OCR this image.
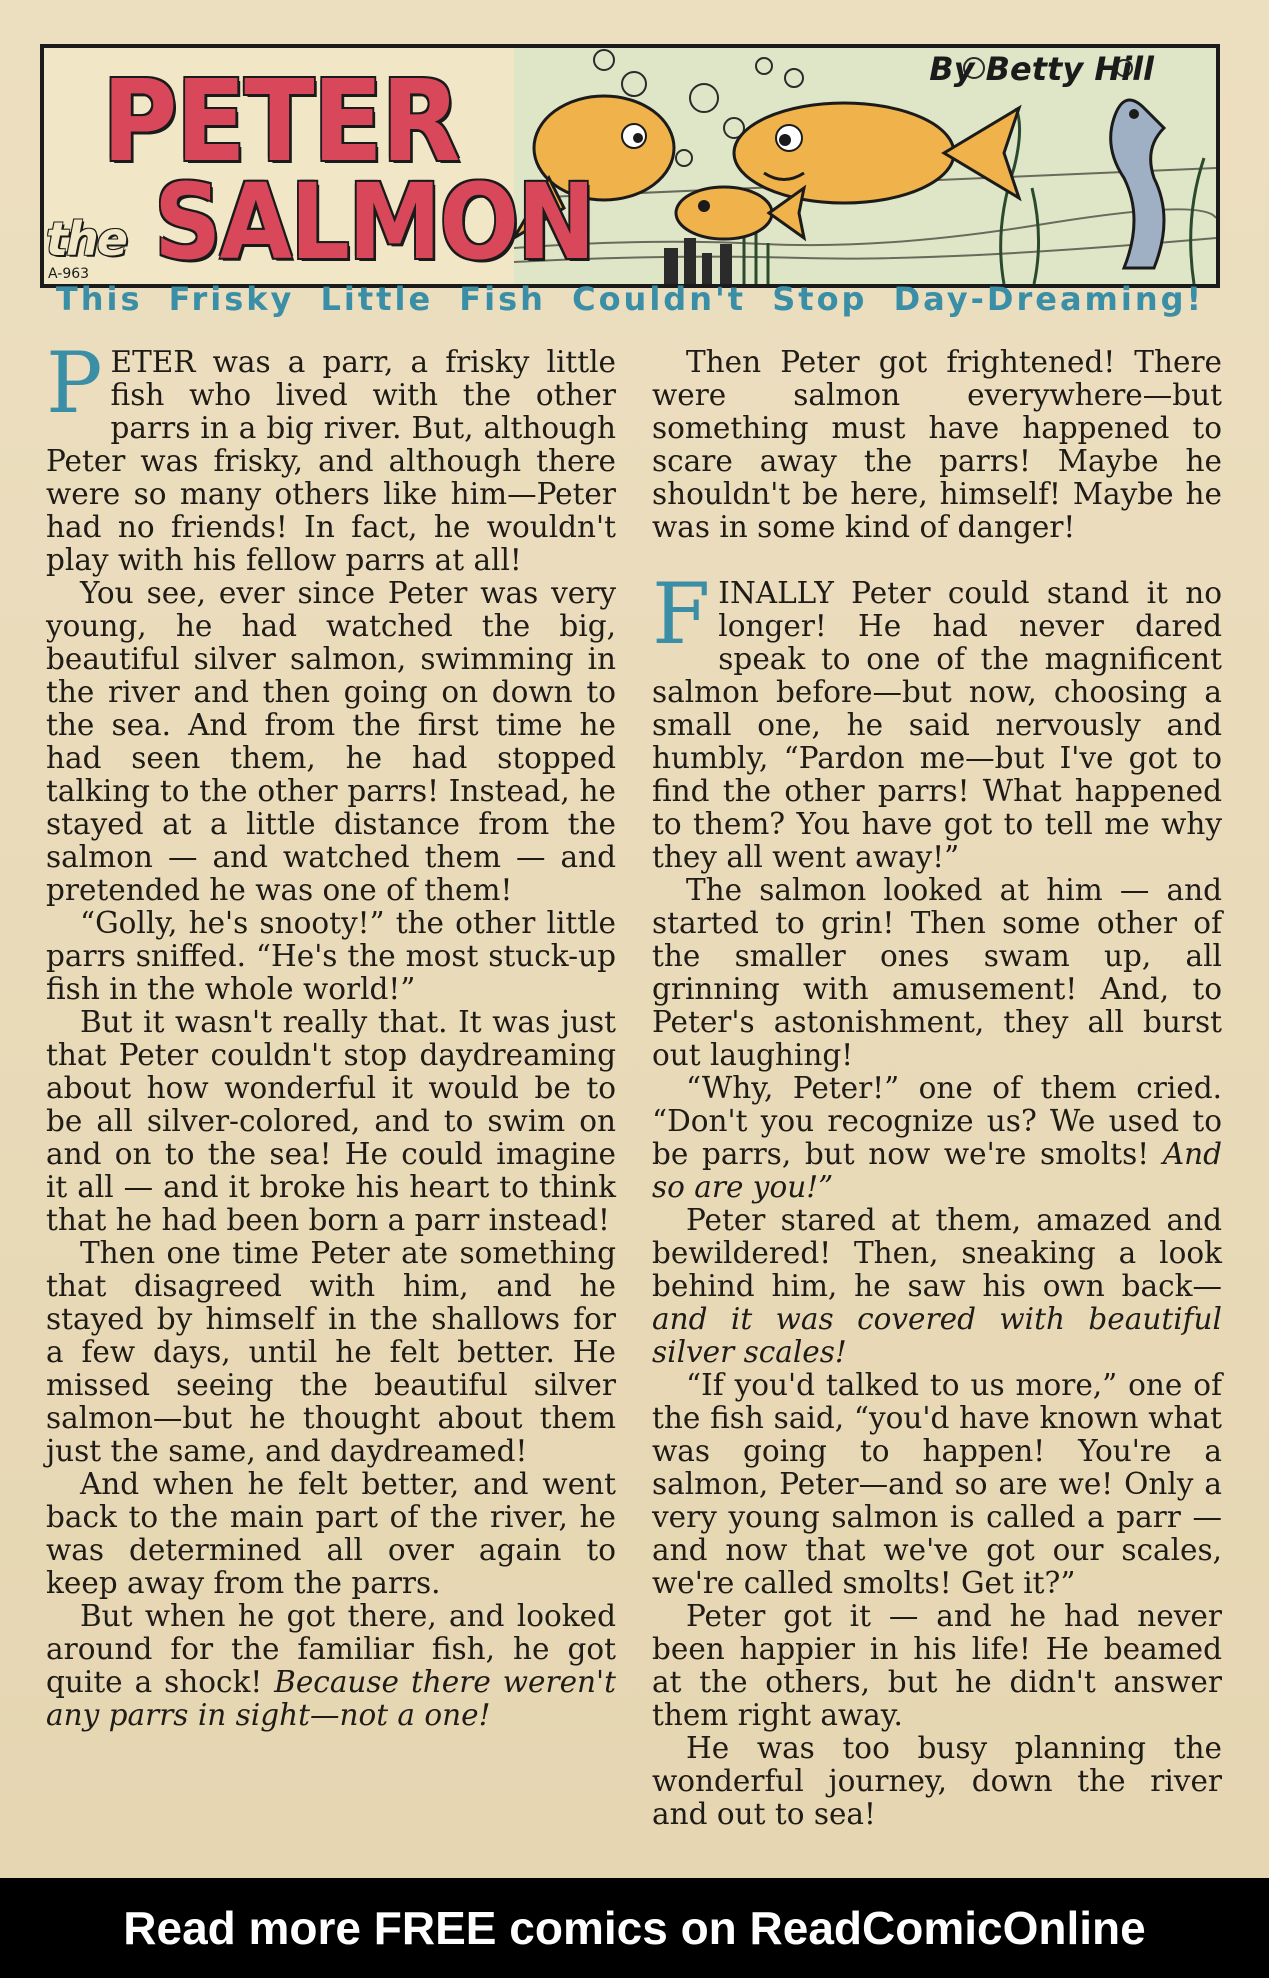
the
PETER
SALMON
By Betty Hill
A-963
This Frisky Little Fish Couldn't Stop Day-Dreaming!

PETER was a parr, a frisky little fish who lived with the other parrs in a big river. But, although Peter was frisky, and although there were so many others like him—Peter had no friends! In fact, he wouldn't play with his fellow parrs at all!

You see, ever since Peter was very young, he had watched the big, beautiful silver salmon, swimming in the river and then going on down to the sea. And from the first time he had seen them, he had stopped talking to the other parrs! Instead, he stayed at a little distance from the salmon — and watched them — and pretended he was one of them!

“Golly, he's snooty!” the other little parrs sniffed. “He's the most stuck-up fish in the whole world!”

But it wasn't really that. It was just that Peter couldn't stop daydreaming about how wonderful it would be to be all silver-colored, and to swim on and on to the sea! He could imagine it all — and it broke his heart to think that he had been born a parr instead!

Then one time Peter ate something that disagreed with him, and he stayed by himself in the shallows for a few days, until he felt better. He missed seeing the beautiful silver salmon—but he thought about them just the same, and daydreamed!

And when he felt better, and went back to the main part of the river, he was determined all over again to keep away from the parrs.

But when he got there, and looked around for the familiar fish, he got quite a shock! Because there weren't any parrs in sight—not a one!

Then Peter got frightened! There were salmon everywhere—but something must have happened to scare away the parrs! Maybe he shouldn't be here, himself! Maybe he was in some kind of danger!

FINALLY Peter could stand it no longer! He had never dared speak to one of the magnificent salmon before—but now, choosing a small one, he said nervously and humbly, “Pardon me—but I've got to find the other parrs! What happened to them? You have got to tell me why they all went away!”

The salmon looked at him — and started to grin! Then some other of the smaller ones swam up, all grinning with amusement! And, to Peter's astonishment, they all burst out laughing!

“Why, Peter!” one of them cried. “Don't you recognize us? We used to be parrs, but now we're smolts! And so are you!”

Peter stared at them, amazed and bewildered! Then, sneaking a look behind him, he saw his own back— and it was covered with beautiful silver scales!

“If you'd talked to us more,” one of the fish said, “you'd have known what was going to happen! You're a salmon, Peter—and so are we! Only a very young salmon is called a parr —and now that we've got our scales, we're called smolts! Get it?”

Peter got it — and he had never been happier in his life! He beamed at the others, but he didn't answer them right away.

He was too busy planning the wonderful journey, down the river and out to sea!

Read more FREE comics on ReadComicOnline
